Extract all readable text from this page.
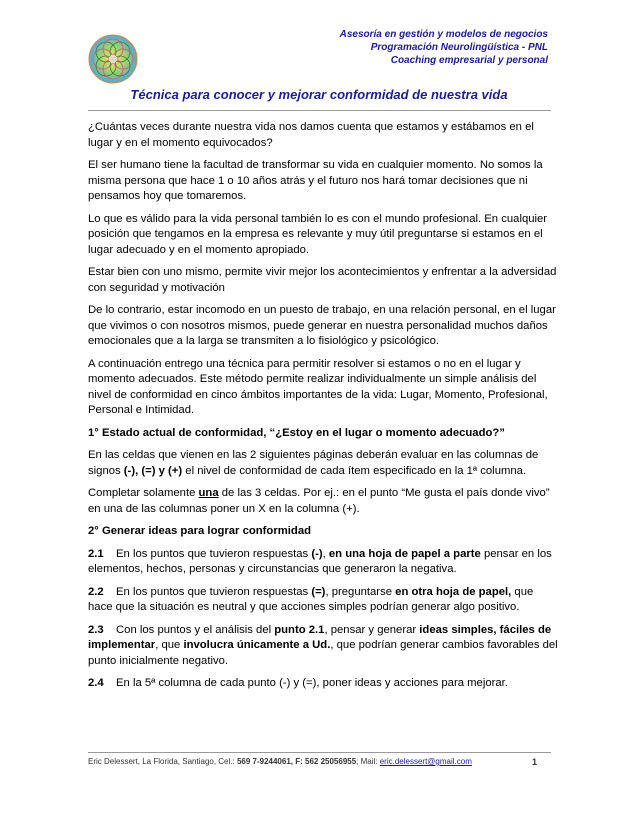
Asesoría en gestión y modelos de negocios
Programación Neurolingüística - PNL
Coaching empresarial y personal
Técnica para conocer y mejorar conformidad de nuestra vida

¿Cuántas veces durante nuestra vida nos damos cuenta que estamos y estábamos en el lugar y en el momento equivocados?

El ser humano tiene la facultad de transformar su vida en cualquier momento. No somos la misma persona que hace 1 o 10 años atrás y el futuro nos hará tomar decisiones que ni pensamos hoy que tomaremos.

Lo que es válido para la vida personal también lo es con el mundo profesional. En cualquier posición que tengamos en la empresa es relevante y muy útil preguntarse si estamos en el lugar adecuado y en el momento apropiado.

Estar bien con uno mismo, permite vivir mejor los acontecimientos y enfrentar a la adversidad con seguridad y motivación

De lo contrario, estar incomodo en un puesto de trabajo, en una relación personal, en el lugar que vivimos o con nosotros mismos, puede generar en nuestra personalidad muchos daños emocionales que a la larga se transmiten a lo fisiológico y psicológico.

A continuación entrego una técnica para permitir resolver si estamos o no en el lugar y momento adecuados. Este método permite realizar individualmente un simple análisis del nivel de conformidad en cinco ámbitos importantes de la vida: Lugar, Momento, Profesional, Personal e Intimidad.

1° Estado actual de conformidad, “¿Estoy en el lugar o momento adecuado?”

En las celdas que vienen en las 2 siguientes páginas deberán evaluar en las columnas de signos (-), (=) y (+) el nivel de conformidad de cada ítem especificado en la 1ª columna.

Completar solamente una de las 3 celdas. Por ej.: en el punto “Me gusta el país donde vivo” en una de las columnas poner un X en la columna (+).

2° Generar ideas para lograr conformidad

2.1 En los puntos que tuvieron respuestas (-), en una hoja de papel a parte pensar en los elementos, hechos, personas y circunstancias que generaron la negativa.

2.2 En los puntos que tuvieron respuestas (=), preguntarse en otra hoja de papel, que hace que la situación es neutral y que acciones simples podrían generar algo positivo.

2.3 Con los puntos y el análisis del punto 2.1, pensar y generar ideas simples, fáciles de implementar, que involucra únicamente a Ud., que podrían generar cambios favorables del punto inicialmente negativo.

2.4 En la 5ª columna de cada punto (-) y (=), poner ideas y acciones para mejorar.

Eric Delessert, La Florida, Santiago, Cel.: 569 7-9244061, F: 562 25056955; Mail: eric.delessert@gmail.com	1
